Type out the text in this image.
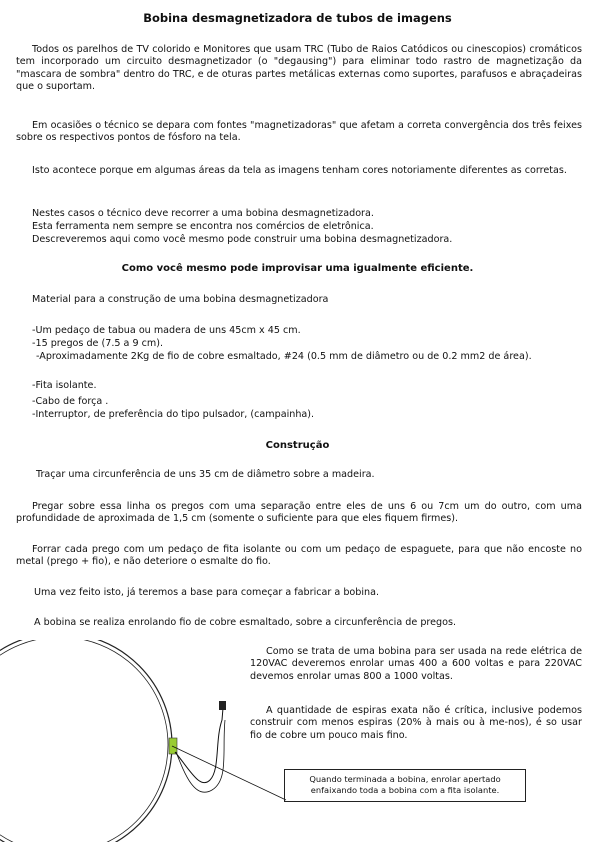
Bobina desmagnetizadora de tubos de imagens

Todos os parelhos de TV colorido e Monitores que usam TRC (Tubo de Raios Catódicos ou cinescopios) cromáticos tem incorporado um circuito desmagnetizador (o "degausing") para eliminar todo rastro de magnetização da "mascara de sombra" dentro do TRC, e de oturas partes metálicas externas como suportes, parafusos e abraçadeiras que o suportam.

Em ocasiões o técnico se depara com fontes "magnetizadoras" que afetam a correta convergência dos três feixes sobre os respectivos pontos de fósforo na tela.

Isto acontece porque em algumas áreas da tela as imagens tenham cores notoriamente diferentes as corretas.

Nestes casos o técnico deve recorrer a uma bobina desmagnetizadora.
Esta ferramenta nem sempre se encontra nos comércios de eletrônica.
Descreveremos aqui como você mesmo pode construir uma bobina desmagnetizadora.
Como você mesmo pode improvisar uma igualmente eficiente.
Material para a construção de uma bobina desmagnetizadora
-Um pedaço de tabua ou madera de uns 45cm x 45 cm.
-15 pregos de (7.5 a 9 cm).

-Aproximadamente 2Kg de fio de cobre esmaltado, #24 (0.5 mm de diâmetro ou de 0.2 mm2 de área).

-Fita isolante.
-Cabo de força .
-Interruptor, de preferência do tipo pulsador, (campainha).
Construção
Traçar uma circunferência de uns 35 cm de diâmetro sobre a madeira.

Pregar sobre essa linha os pregos com uma separação entre eles de uns 6 ou 7cm um do outro, com uma profundidade de aproximada de 1,5 cm (somente o suficiente para que eles fiquem firmes).

Forrar cada prego com um pedaço de fita isolante ou com um pedaço de espaguete, para que não encoste no metal (prego + fio), e não deteriore o esmalte do fio.

Uma vez feito isto, já teremos a base para começar a fabricar a bobina.
A bobina se realiza enrolando fio de cobre esmaltado, sobre a circunferência de pregos.

Como se trata de uma bobina para ser usada na rede elétrica de 120VAC deveremos enrolar umas 400 a 600 voltas e para 220VAC devemos enrolar umas 800 a 1000 voltas.

A quantidade de espiras exata não é crítica, inclusive podemos construir com menos espiras (20% à mais ou à me-nos), é so usar fio de cobre um pouco mais fino.

Quando terminada a bobina, enrolar apertado enfaixando toda a bobina com a fita isolante.
